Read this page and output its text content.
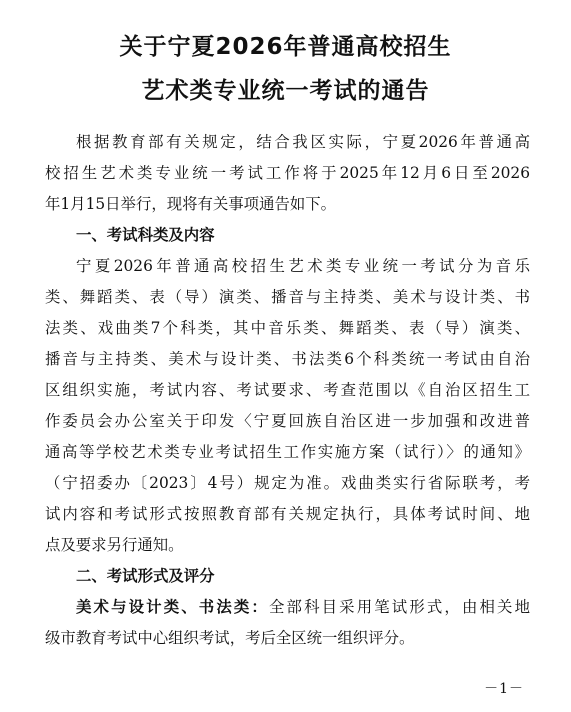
关于宁夏2026年普通高校招生
艺术类专业统一考试的通告
根据教育部有关规定，结合我区实际，宁夏2026年普通高
校招生艺术类专业统一考试工作将于2025年12月6日至2026
年1月15日举行，现将有关事项通告如下。
一、考试科类及内容
宁夏2026年普通高校招生艺术类专业统一考试分为音乐
类、舞蹈类、表（导）演类、播音与主持类、美术与设计类、书
法类、戏曲类7个科类，其中音乐类、舞蹈类、表（导）演类、
播音与主持类、美术与设计类、书法类6个科类统一考试由自治
区组织实施，考试内容、考试要求、考查范围以《自治区招生工
作委员会办公室关于印发〈宁夏回族自治区进一步加强和改进普
通高等学校艺术类专业考试招生工作实施方案（试行）〉的通知》
（宁招委办〔2023〕4号）规定为准。戏曲类实行省际联考，考
试内容和考试形式按照教育部有关规定执行，具体考试时间、地
点及要求另行通知。
二、考试形式及评分
美术与设计类、书法类：全部科目采用笔试形式，由相关地
级市教育考试中心组织考试，考后全区统一组织评分。
－1－
